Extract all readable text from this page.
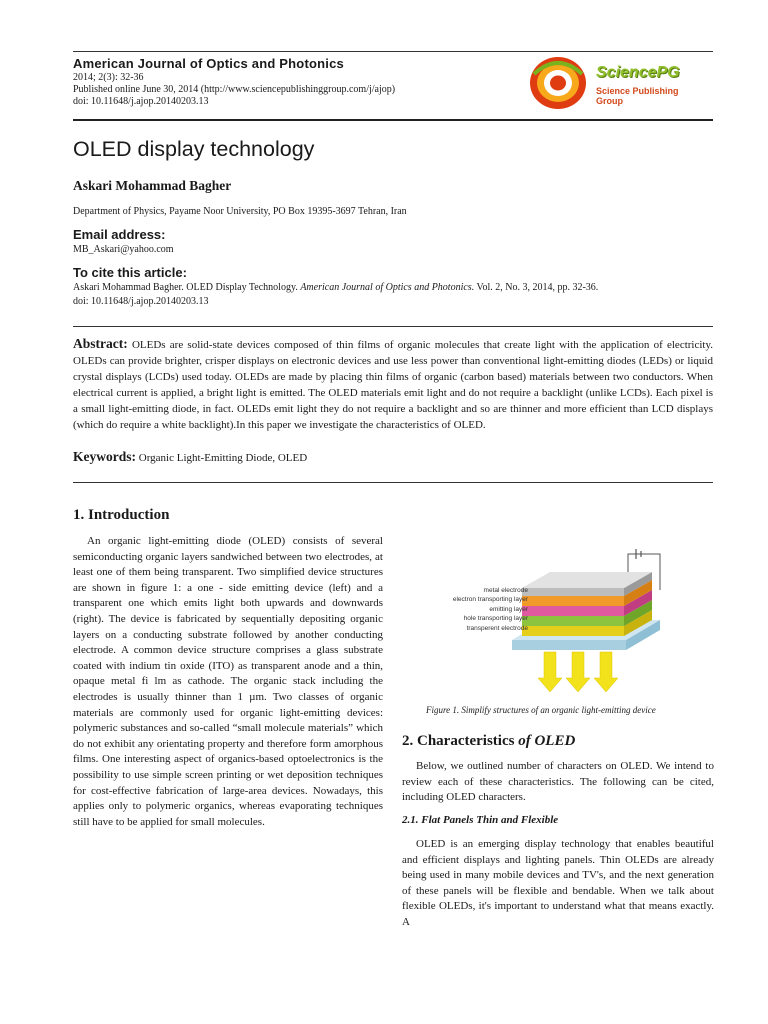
American Journal of Optics and Photonics
2014; 2(3): 32-36
Published online June 30, 2014 (http://www.sciencepublishinggroup.com/j/ajop)
doi: 10.11648/j.ajop.20140203.13
SciencePG
Science Publishing Group
OLED display technology
Askari Mohammad Bagher
Department of Physics, Payame Noor University, PO Box 19395-3697 Tehran, Iran
Email address:
MB_Askari@yahoo.com
To cite this article:
Askari Mohammad Bagher. OLED Display Technology. American Journal of Optics and Photonics. Vol. 2, No. 3, 2014, pp. 32-36.
doi: 10.11648/j.ajop.20140203.13
Abstract: OLEDs are solid-state devices composed of thin films of organic molecules that create light with the application of electricity. OLEDs can provide brighter, crisper displays on electronic devices and use less power than conventional light-emitting diodes (LEDs) or liquid crystal displays (LCDs) used today. OLEDs are made by placing thin films of organic (carbon based) materials between two conductors. When electrical current is applied, a bright light is emitted. The OLED materials emit light and do not require a backlight (unlike LCDs). Each pixel is a small light-emitting diode, in fact. OLEDs emit light they do not require a backlight and so are thinner and more efficient than LCD displays (which do require a white backlight).In this paper we investigate the characteristics of OLED.
Keywords: Organic Light-Emitting Diode, OLED
1. Introduction

An organic light-emitting diode (OLED) consists of several semiconducting organic layers sandwiched between two electrodes, at least one of them being transparent. Two simplified device structures are shown in figure 1: a one - side emitting device (left) and a transparent one which emits light both upwards and downwards (right). The device is fabricated by sequentially depositing organic layers on a conducting substrate followed by another conducting electrode. A common device structure comprises a glass substrate coated with indium tin oxide (ITO) as transparent anode and a thin, opaque metal fi lm as cathode. The organic stack including the electrodes is usually thinner than 1 µm. Two classes of organic materials are commonly used for organic light-emitting devices: polymeric substances and so-called “small molecule materials” which do not exhibit any orientating property and therefore form amorphous films. One interesting aspect of organics-based optoelectronics is the possibility to use simple screen printing or wet deposition techniques for cost-effective fabrication of large-area devices. Nowadays, this applies only to polymeric organics, whereas evaporating techniques still have to be applied for small molecules.

metal electrode
electron transporting layer
emitting layer
hole transporting layer
transperent electrode
Figure 1. Simplify structures of an organic light-emitting device
2. Characteristics of OLED

Below, we outlined number of characters on OLED. We intend to review each of these characteristics. The following can be cited, including OLED characters.

2.1. Flat Panels Thin and Flexible

OLED is an emerging display technology that enables beautiful and efficient displays and lighting panels. Thin OLEDs are already being used in many mobile devices and TV's, and the next generation of these panels will be flexible and bendable. When we talk about flexible OLEDs, it's important to understand what that means exactly. A
